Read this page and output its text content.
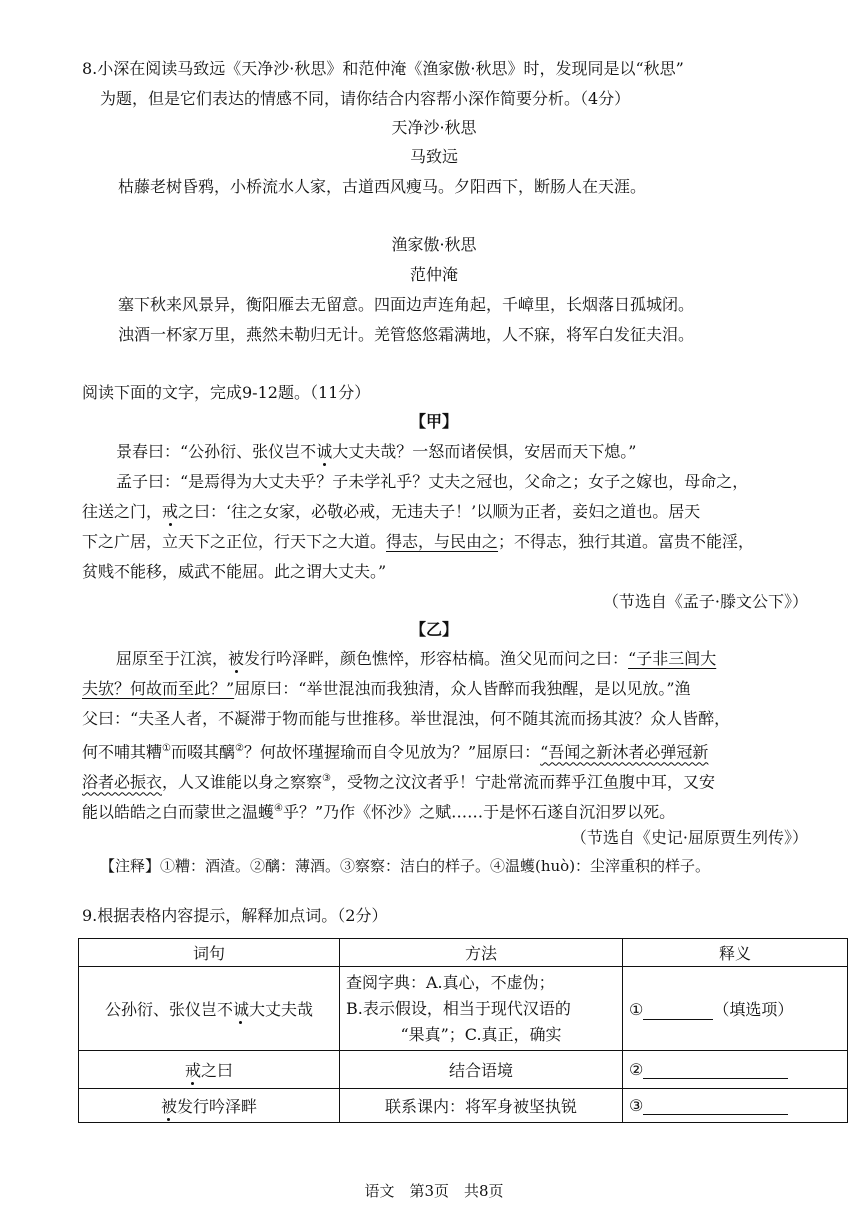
8.小深在阅读马致远《天净沙·秋思》和范仲淹《渔家傲·秋思》时，发现同是以“秋思”
为题，但是它们表达的情感不同，请你结合内容帮小深作简要分析。（4分）
天净沙·秋思
马致远
枯藤老树昏鸦，小桥流水人家，古道西风瘦马。夕阳西下，断肠人在天涯。
渔家傲·秋思
范仲淹
塞下秋来风景异，衡阳雁去无留意。四面边声连角起，千嶂里，长烟落日孤城闭。
浊酒一杯家万里，燕然未勒归无计。羌管悠悠霜满地，人不寐，将军白发征夫泪。
阅读下面的文字，完成9-12题。（11分）
【甲】
景春曰：“公孙衍、张仪岂不诚大丈夫哉？一怒而诸侯惧，安居而天下熄。”
孟子曰：“是焉得为大丈夫乎？子未学礼乎？丈夫之冠也，父命之；女子之嫁也，母命之，
往送之门，戒之曰：‘往之女家，必敬必戒，无违夫子！’以顺为正者，妾妇之道也。居天
下之广居，立天下之正位，行天下之大道。得志，与民由之；不得志，独行其道。富贵不能淫，
贫贱不能移，威武不能屈。此之谓大丈夫。”
（节选自《孟子·滕文公下》）
【乙】
屈原至于江滨，被发行吟泽畔，颜色憔悴，形容枯槁。渔父见而问之曰：“子非三闾大
夫欤？何故而至此？”屈原曰：“举世混浊而我独清，众人皆醉而我独醒，是以见放。”渔
父曰：“夫圣人者，不凝滞于物而能与世推移。举世混浊，何不随其流而扬其波？众人皆醉，
何不哺其糟①而啜其醨②？何故怀瑾握瑜而自令见放为？”屈原曰：“吾闻之新沐者必弹冠新
浴者必振衣，人又谁能以身之察察③，受物之汶汶者乎！宁赴常流而葬乎江鱼腹中耳，又安
能以皓皓之白而蒙世之温蠖④乎？”乃作《怀沙》之赋……于是怀石遂自沉汨罗以死。
（节选自《史记·屈原贾生列传》）
【注释】①糟：酒渣。②醨：薄酒。③察察：洁白的样子。④温蠖(huò)：尘滓重积的样子。
9.根据表格内容提示，解释加点词。（2分）
词句	方法	释义
公孙衍、张仪岂不诚大丈夫哉	查阅字典：A.真心，不虚伪；
B.表示假设，相当于现代汉语的
“果真”；C.真正，确实	① （填选项）
戒之曰	结合语境	②
被发行吟泽畔	联系课内：将军身被坚执锐	③
语文　第3页　共8页
